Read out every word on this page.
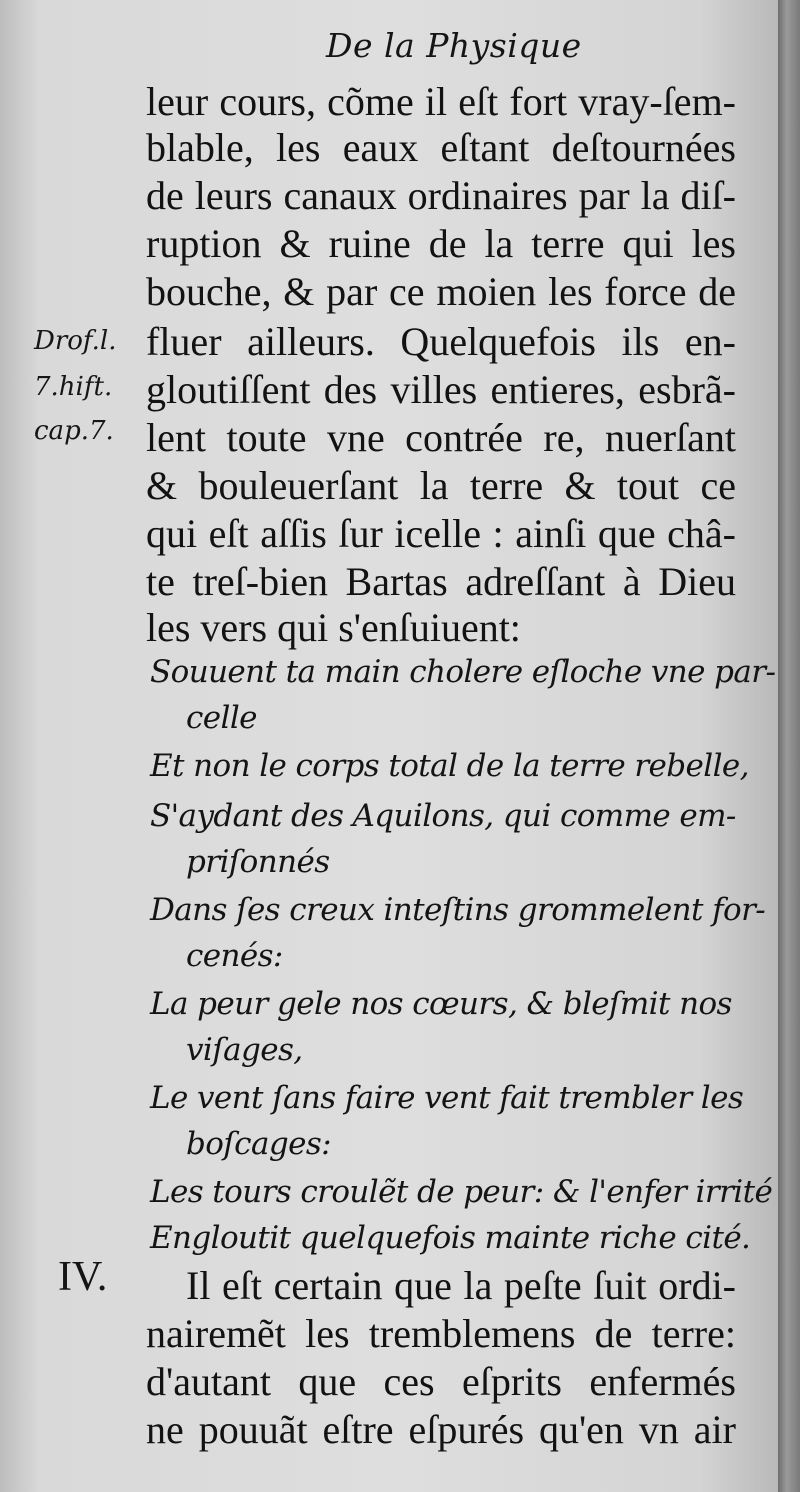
De la Physique
Drof.l.
7.hift.
cap.7.
leur cours, cõme il eſt fort vray-ſem-
blable, les eaux eſtant deſtournées
de leurs canaux ordinaires par la diſ-
ruption & ruine de la terre qui les
bouche, & par ce moien les force de
fluer ailleurs. Quelquefois ils en-
gloutiſſent des villes entieres, esbrã-
lent toute vne contrée re, nuerſant
& bouleuerſant la terre & tout ce
qui eſt aſſis ſur icelle : ainſi que châ-
te treſ-bien Bartas adreſſant à Dieu
les vers qui s'enſuiuent:
Souuent ta main cholere eſloche vne par-
celle
Et non le corps total de la terre rebelle,
S'aydant des Aquilons, qui comme em-
priſonnés
Dans ſes creux inteſtins grommelent for-
cenés:
La peur gele nos cœurs, & bleſmit nos
viſages,
Le vent ſans faire vent fait trembler les
boſcages:
Les tours croulẽt de peur: & l'enfer irrité
Engloutit quelquefois mainte riche cité.
IV. Il eſt certain que la peſte ſuit ordi-
nairemẽt les tremblemens de terre:
d'autant que ces eſprits enfermés
ne pouuãt eſtre eſpurés qu'en vn air
